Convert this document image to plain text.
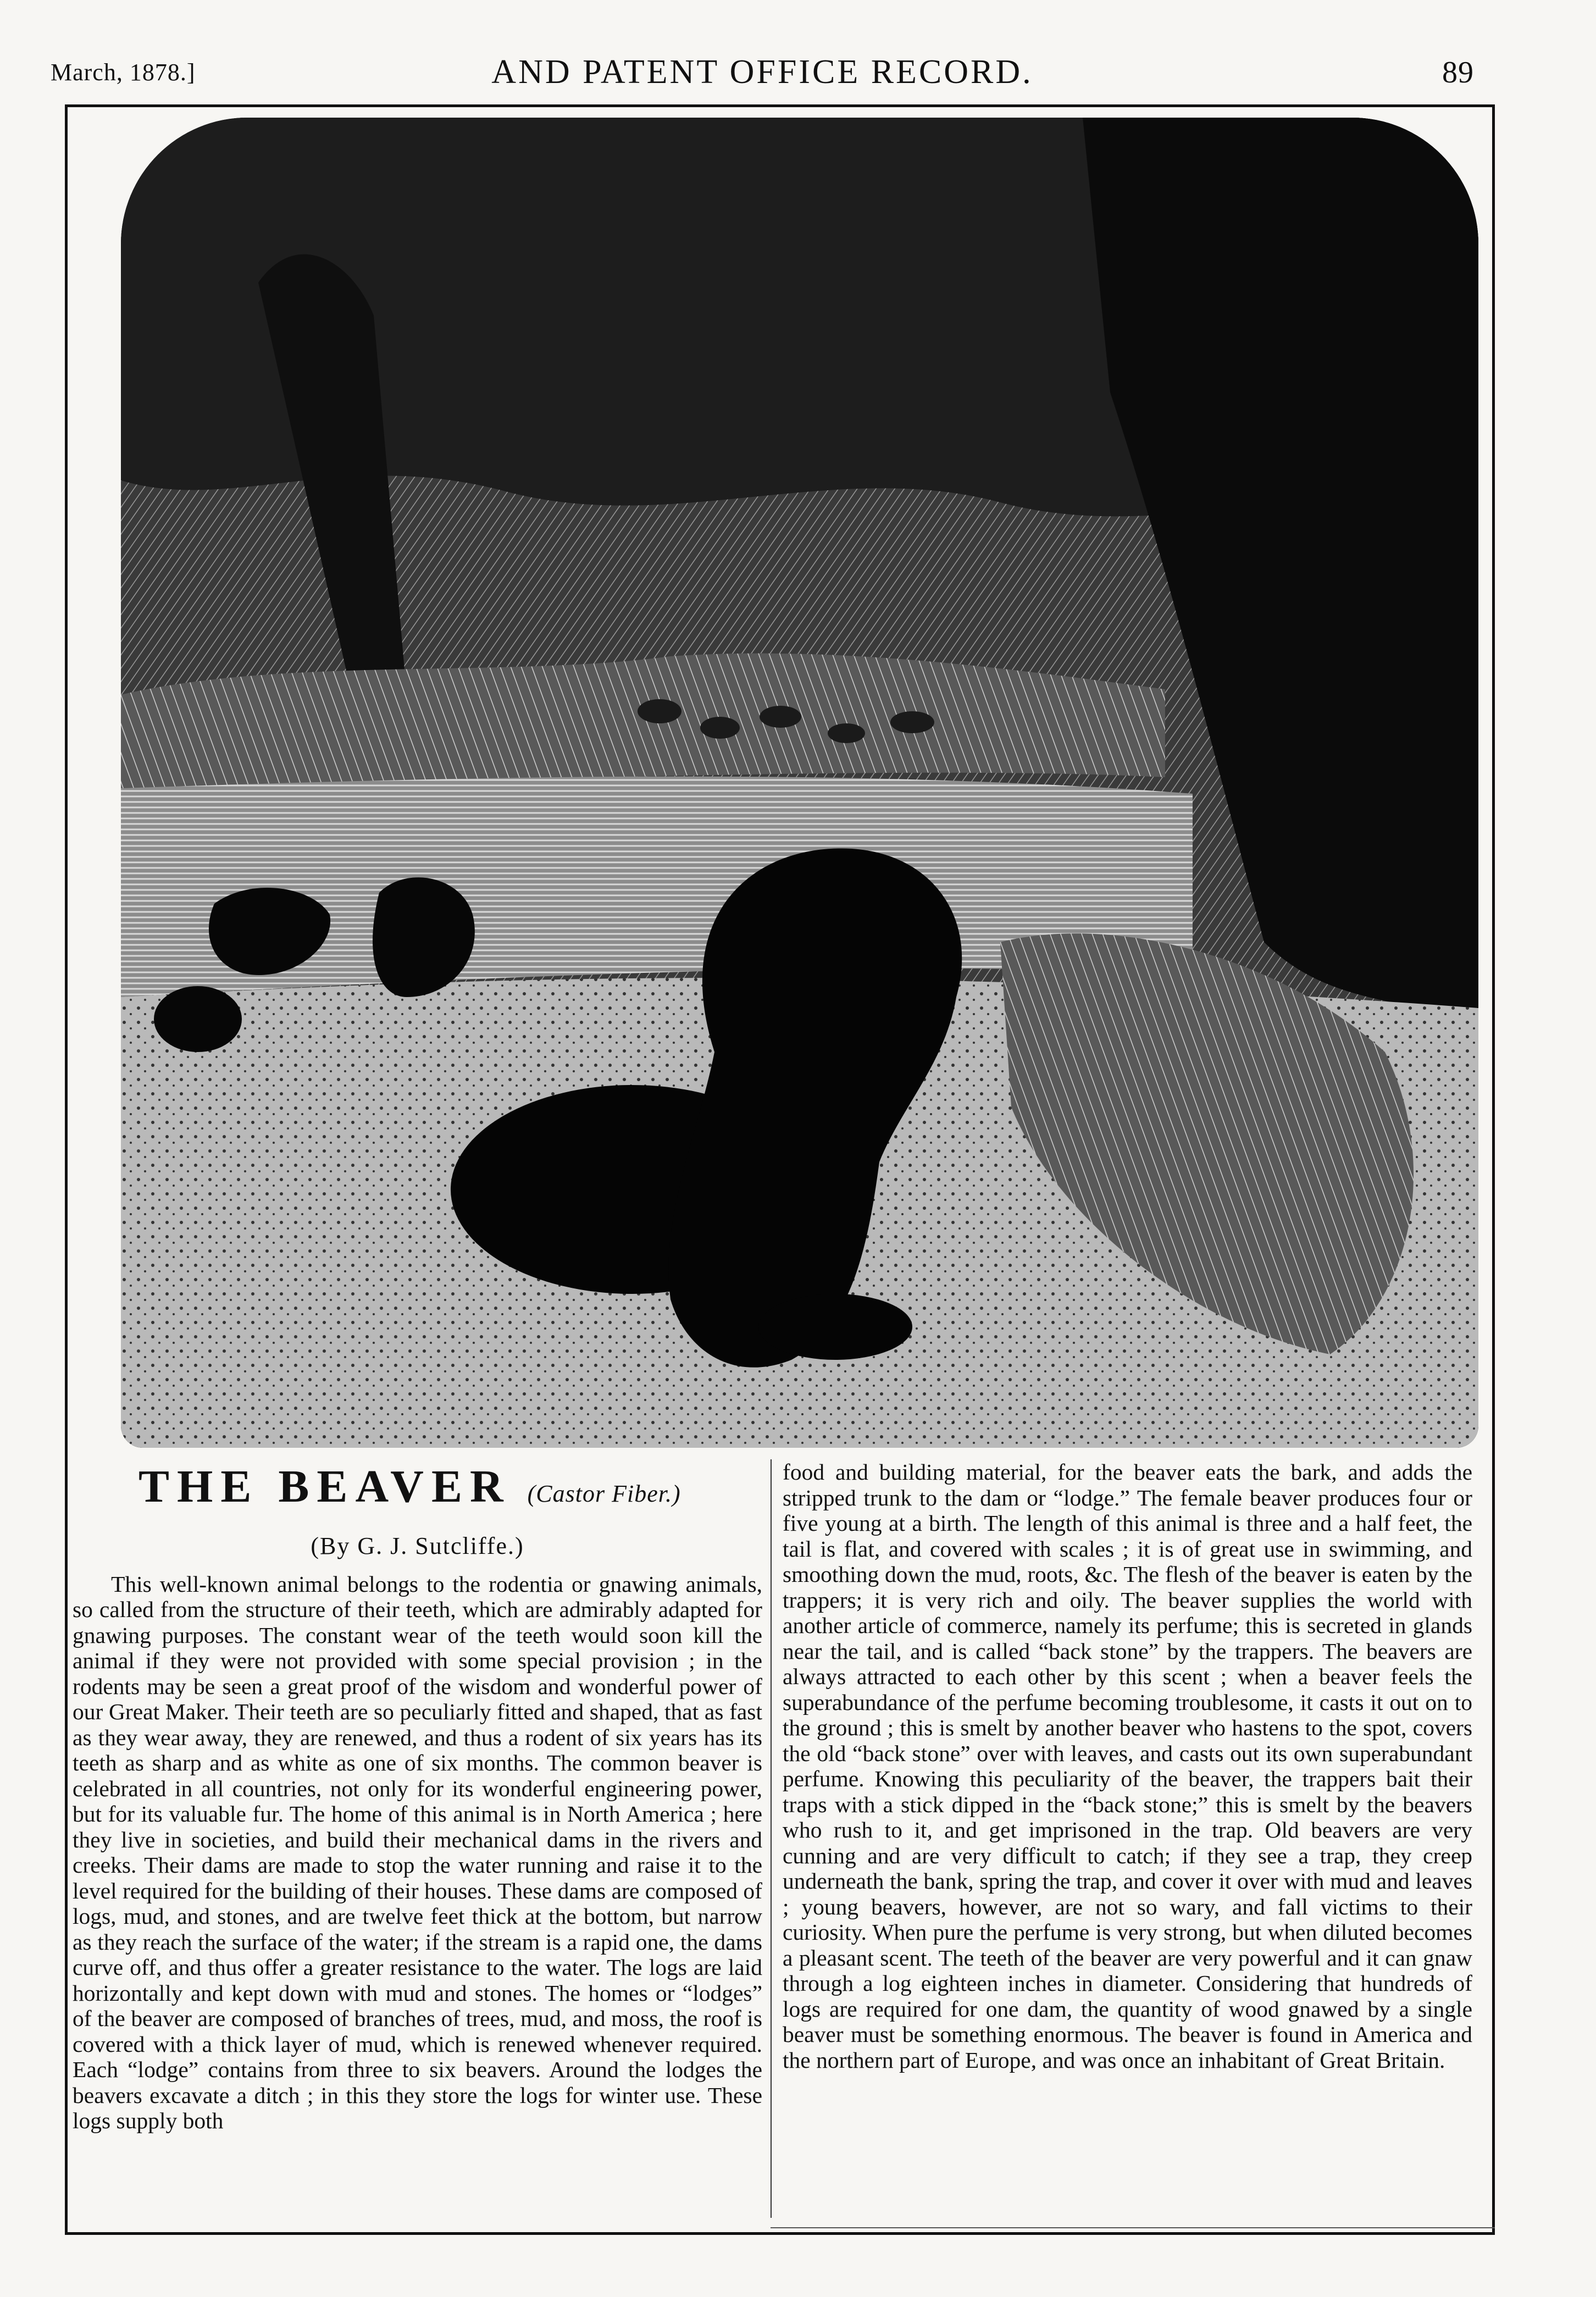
March, 1878.]	AND PATENT OFFICE RECORD.	89
THE BEAVER (Castor Fiber.)
(By G. J. Sutcliffe.)

This well-known animal belongs to the rodentia or gnawing animals, so called from the structure of their teeth, which are admirably adapted for gnawing purposes. The constant wear of the teeth would soon kill the animal if they were not provided with some special provision ; in the rodents may be seen a great proof of the wisdom and wonderful power of our Great Maker. Their teeth are so peculiarly fitted and shaped, that as fast as they wear away, they are renewed, and thus a rodent of six years has its teeth as sharp and as white as one of six months. The common beaver is celebrated in all countries, not only for its wonderful engineering power, but for its valuable fur. The home of this animal is in North America ; here they live in societies, and build their mechanical dams in the rivers and creeks. Their dams are made to stop the water running and raise it to the level required for the building of their houses. These dams are composed of logs, mud, and stones, and are twelve feet thick at the bottom, but narrow as they reach the surface of the water; if the stream is a rapid one, the dams curve off, and thus offer a greater resistance to the water. The logs are laid horizontally and kept down with mud and stones. The homes or “lodges” of the beaver are composed of branches of trees, mud, and moss, the roof is covered with a thick layer of mud, which is renewed whenever required. Each “lodge” contains from three to six beavers. Around the lodges the beavers excavate a ditch ; in this they store the logs for winter use. These logs supply both

food and building material, for the beaver eats the bark, and adds the stripped trunk to the dam or “lodge.” The female beaver produces four or five young at a birth. The length of this animal is three and a half feet, the tail is flat, and covered with scales ; it is of great use in swimming, and smoothing down the mud, roots, &c. The flesh of the beaver is eaten by the trappers; it is very rich and oily. The beaver supplies the world with another article of commerce, namely its perfume; this is secreted in glands near the tail, and is called “back stone” by the trappers. The beavers are always attracted to each other by this scent ; when a beaver feels the superabundance of the perfume becoming troublesome, it casts it out on to the ground ; this is smelt by another beaver who hastens to the spot, covers the old “back stone” over with leaves, and casts out its own superabundant perfume. Knowing this peculiarity of the beaver, the trappers bait their traps with a stick dipped in the “back stone;” this is smelt by the beavers who rush to it, and get imprisoned in the trap. Old beavers are very cunning and are very difficult to catch; if they see a trap, they creep underneath the bank, spring the trap, and cover it over with mud and leaves ; young beavers, however, are not so wary, and fall victims to their curiosity. When pure the perfume is very strong, but when diluted becomes a pleasant scent. The teeth of the beaver are very powerful and it can gnaw through a log eighteen inches in diameter. Considering that hundreds of logs are required for one dam, the quantity of wood gnawed by a single beaver must be something enormous. The beaver is found in America and the northern part of Europe, and was once an inhabitant of Great Britain.
